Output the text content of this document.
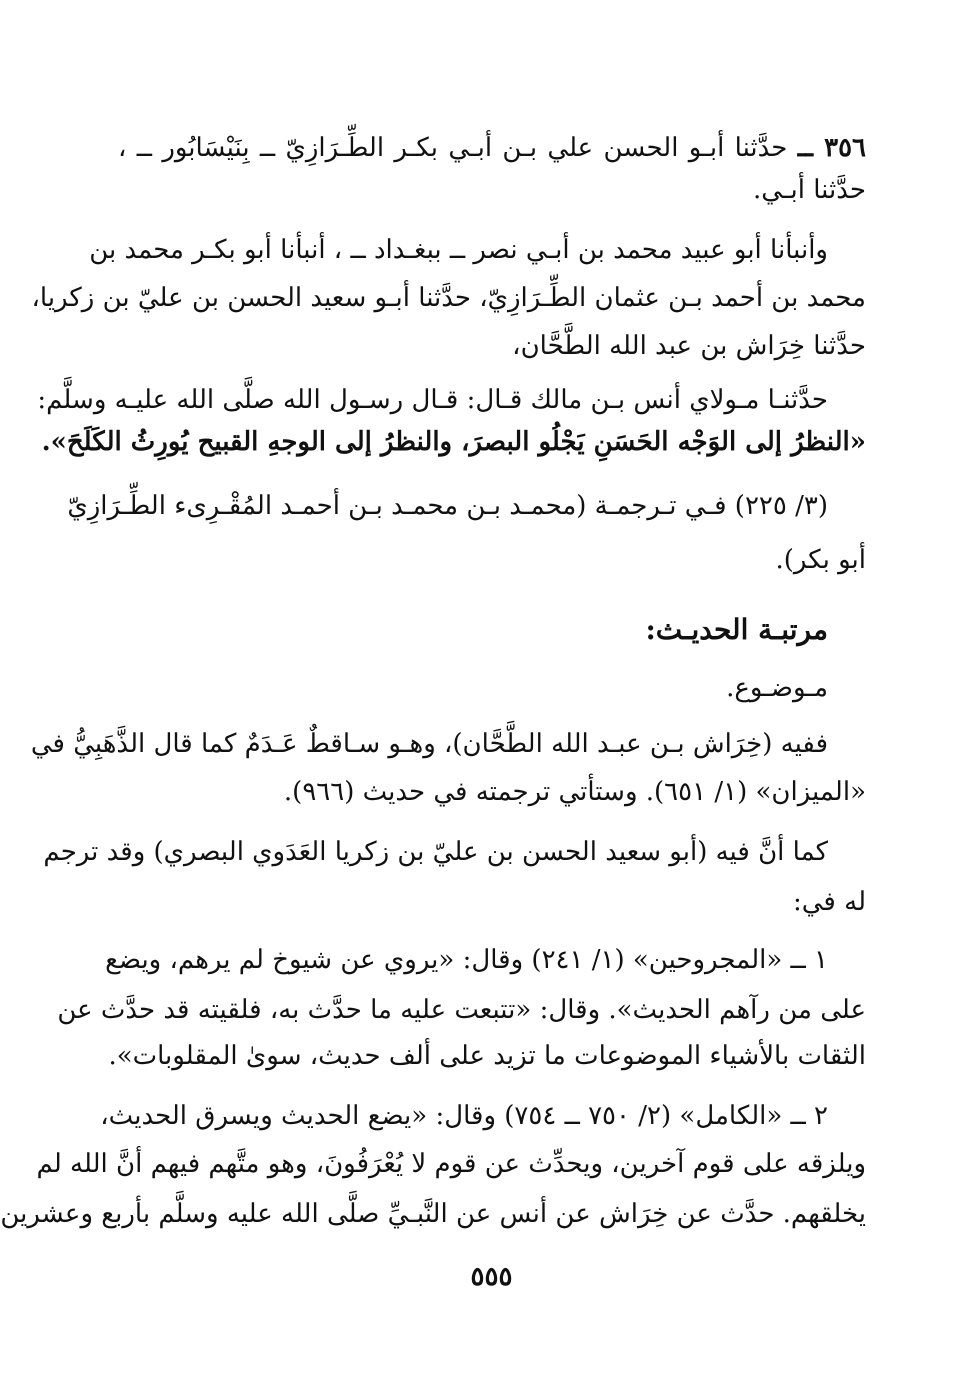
٣٥٦ ــ حدَّثنا أبـو الحسن علي بـن أبـي بكـر الطِّـرَازِيّ ــ بِنَيْسَابُور ــ ،
حدَّثنا أبـي.
وأنبأنا أبو عبيد محمد بن أبـي نصر ــ ببغـداد ــ ، أنبأنا أبو بكـر محمد بن
محمد بن أحمد بـن عثمان الطِّـرَازِيّ، حدَّثنا أبـو سعيد الحسن بن عليّ بن زكريا،
حدَّثنا خِرَاش بن عبد الله الطَّحَّان،
حدَّثنـا مـولاي أنس بـن مالك قـال: قـال رسـول الله صلَّى الله عليـه وسلَّم:
«النظرُ إلى الوَجْه الحَسَنِ يَجْلُو البصرَ، والنظرُ إلى الوجهِ القبيح يُورِثُ الكَلَحَ».
(٣/ ٢٢٥) فـي تـرجمـة (محمـد بـن محمـد بـن أحمـد المُقْـرِىء الطِّـرَازِيّ
أبو بكر).
مرتبـة الحديـث:
مـوضـوع.
ففيه (خِرَاش بـن عبـد الله الطَّحَّان)، وهـو سـاقطٌ عَـدَمٌ كما قال الذَّهَبِيُّ في
«الميزان» (١/ ٦٥١). وستأتي ترجمته في حديث (٩٦٦).
كما أنَّ فيه (أبو سعيد الحسن بن عليّ بن زكريا العَدَوي البصري) وقد ترجم
له في:
١ ــ «المجروحين» (١/ ٢٤١) وقال: «يروي عن شيوخ لم يرهم، ويضع
على من رآهم الحديث». وقال: «تتبعت عليه ما حدَّث به، فلقيته قد حدَّث عن
الثقات بالأشياء الموضوعات ما تزيد على ألف حديث، سوىٰ المقلوبات».
٢ ــ «الكامل» (٢/ ٧٥٠ ــ ٧٥٤) وقال: «يضع الحديث ويسرق الحديث،
ويلزقه على قوم آخرين، ويحدِّث عن قوم لا يُعْرَفُونَ، وهو متَّهم فيهم أنَّ الله لم
يخلقهم. حدَّث عن خِرَاش عن أنس عن النَّبـيِّ صلَّى الله عليه وسلَّم بأربع وعشرين
٥٥٥
